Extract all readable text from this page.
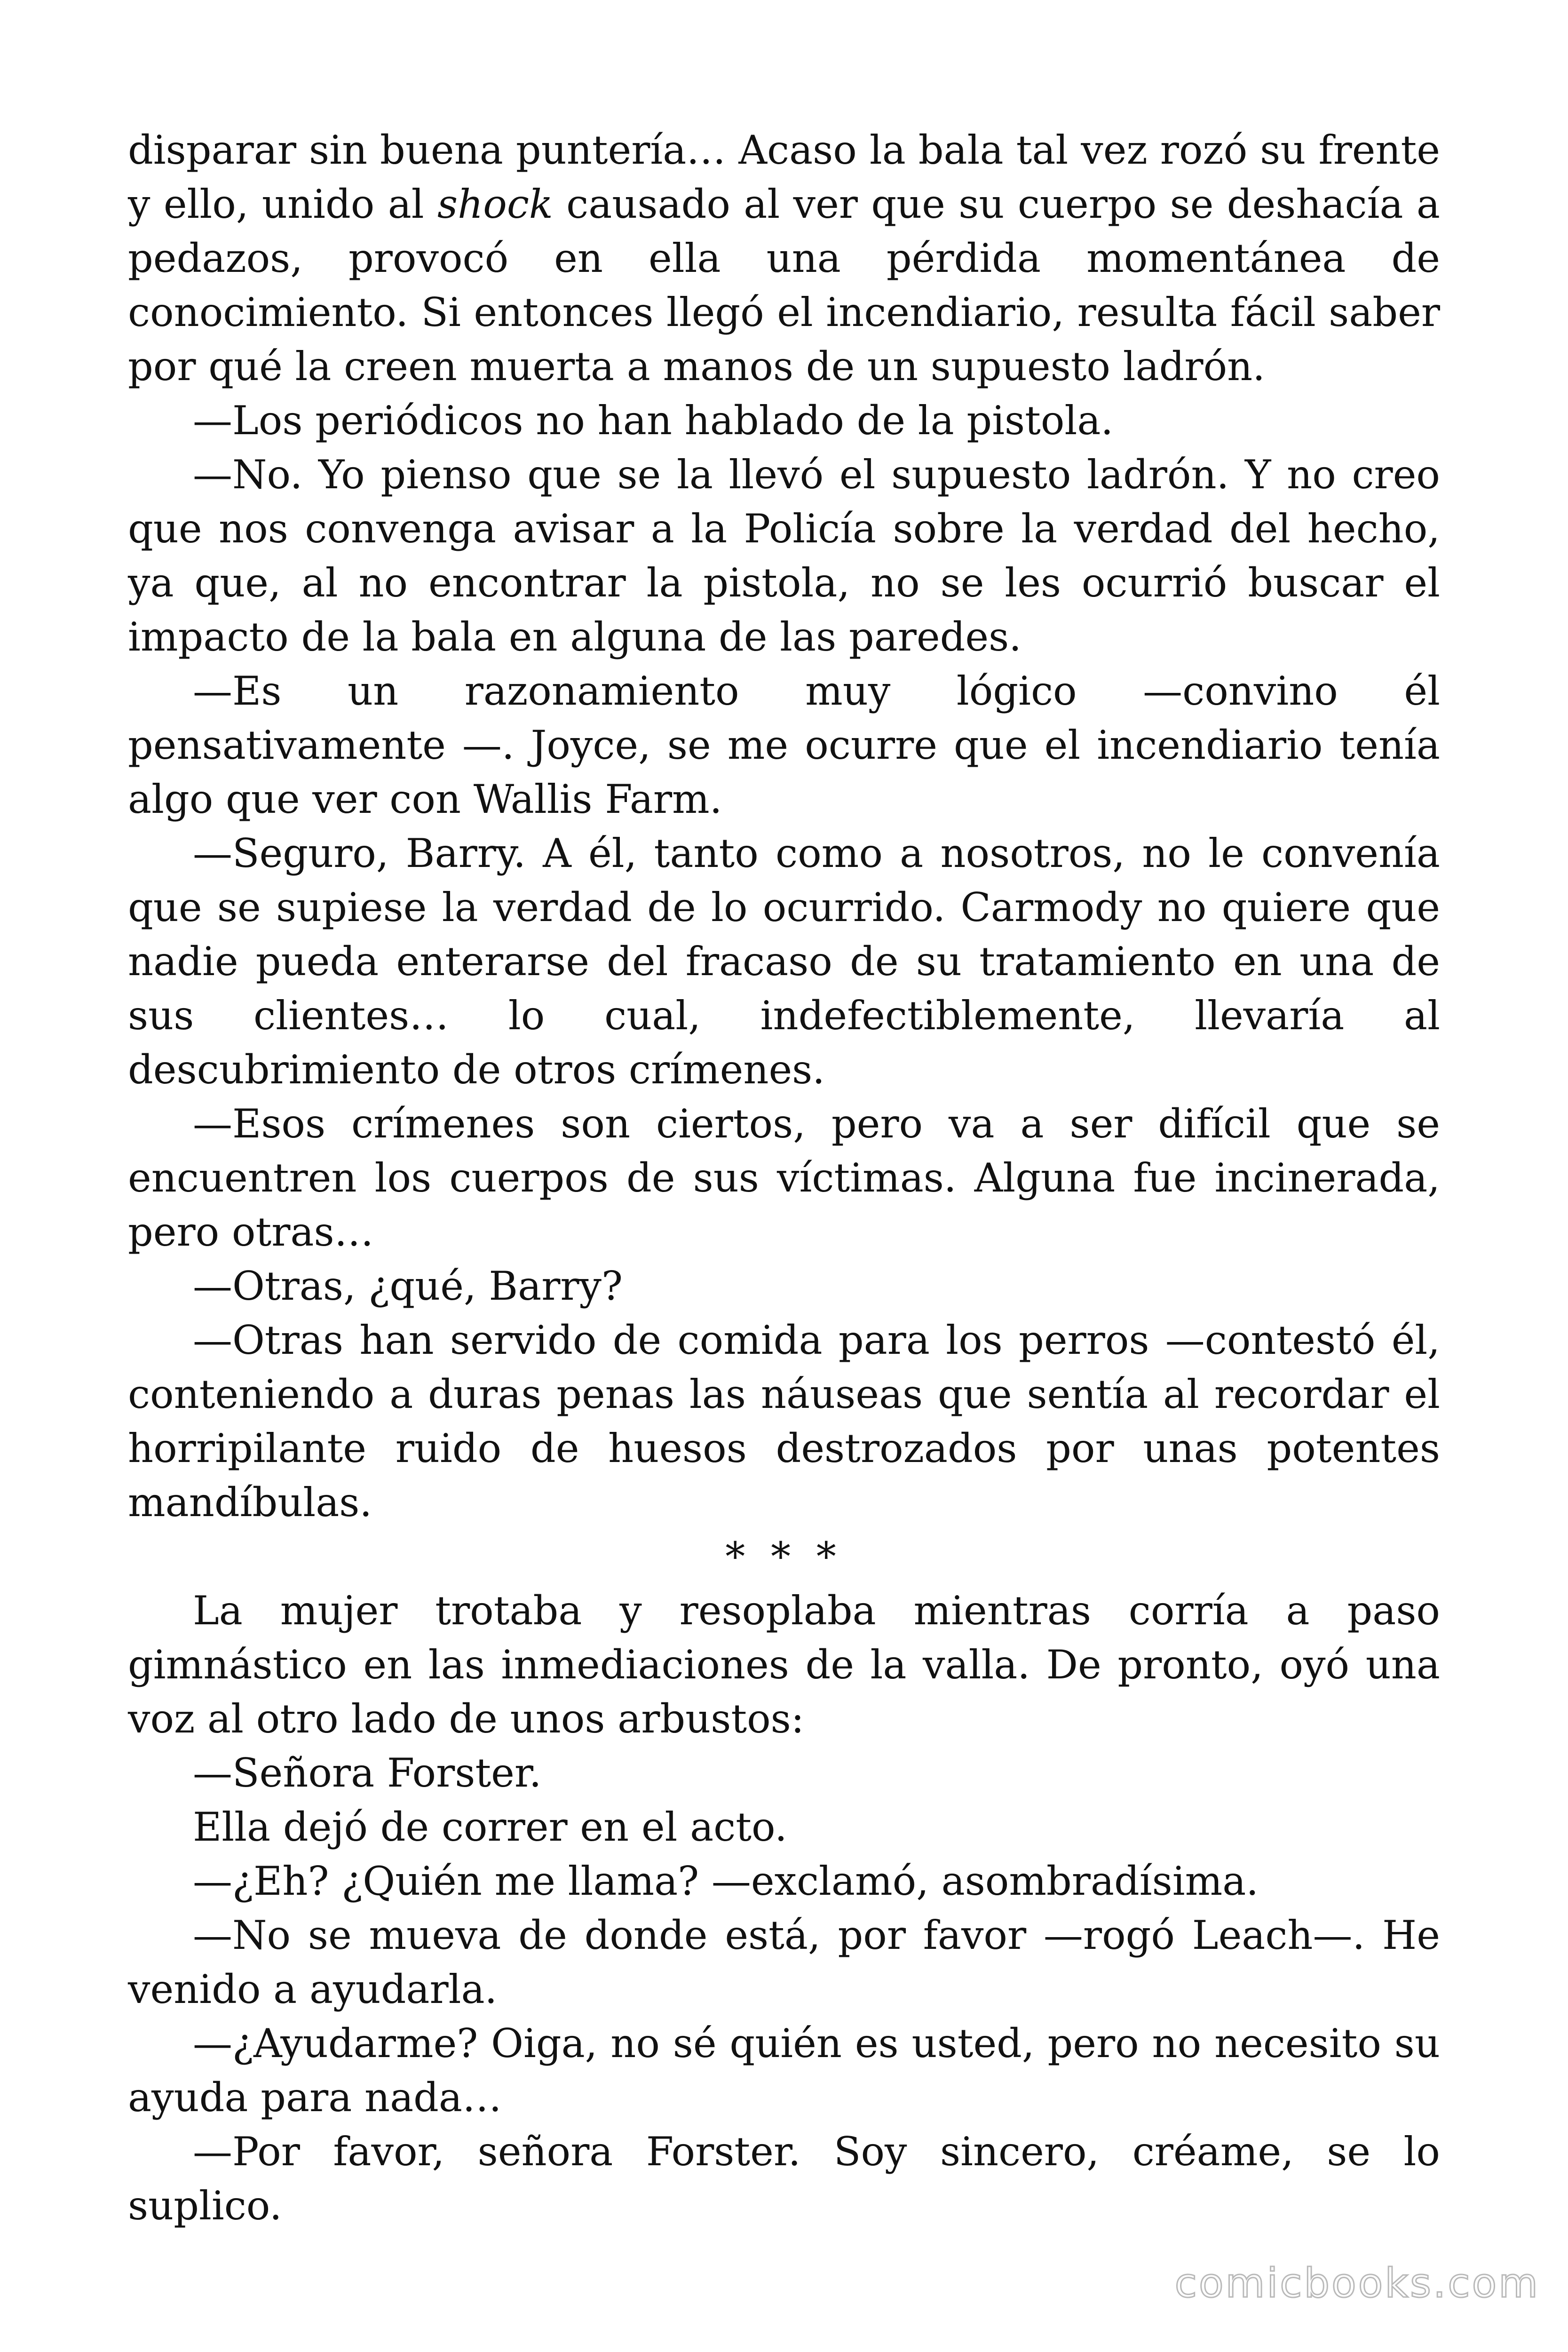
disparar sin buena puntería… Acaso la bala tal vez rozó su frente y ello, unido al shock causado al ver que su cuerpo se deshacía a pedazos, provocó en ella una pérdida momentánea de conocimiento. Si entonces llegó el incendiario, resulta fácil saber por qué la creen muerta a manos de un supuesto ladrón.

—Los periódicos no han hablado de la pistola.

—No. Yo pienso que se la llevó el supuesto ladrón. Y no creo que nos convenga avisar a la Policía sobre la verdad del hecho, ya que, al no encontrar la pistola, no se les ocurrió buscar el impacto de la bala en alguna de las paredes.

—Es un razonamiento muy lógico —convino él pensativamente —. Joyce, se me ocurre que el incendiario tenía algo que ver con Wallis Farm.

—Seguro, Barry. A él, tanto como a nosotros, no le convenía que se supiese la verdad de lo ocurrido. Carmody no quiere que nadie pueda enterarse del fracaso de su tratamiento en una de sus clientes… lo cual, indefectiblemente, llevaría al descubrimiento de otros crímenes.

—Esos crímenes son ciertos, pero va a ser difícil que se encuentren los cuerpos de sus víctimas. Alguna fue incinerada, pero otras…

—Otras, ¿qué, Barry?

—Otras han servido de comida para los perros —contestó él, conteniendo a duras penas las náuseas que sentía al recordar el horripilante ruido de huesos destrozados por unas potentes mandíbulas.

* * *

La mujer trotaba y resoplaba mientras corría a paso gimnástico en las inmediaciones de la valla. De pronto, oyó una voz al otro lado de unos arbustos:

—Señora Forster.

Ella dejó de correr en el acto.

—¿Eh? ¿Quién me llama? —exclamó, asombradísima.

—No se mueva de donde está, por favor —rogó Leach—. He venido a ayudarla.

—¿Ayudarme? Oiga, no sé quién es usted, pero no necesito su ayuda para nada…

—Por favor, señora Forster. Soy sincero, créame, se lo suplico.

comicbooks.com
